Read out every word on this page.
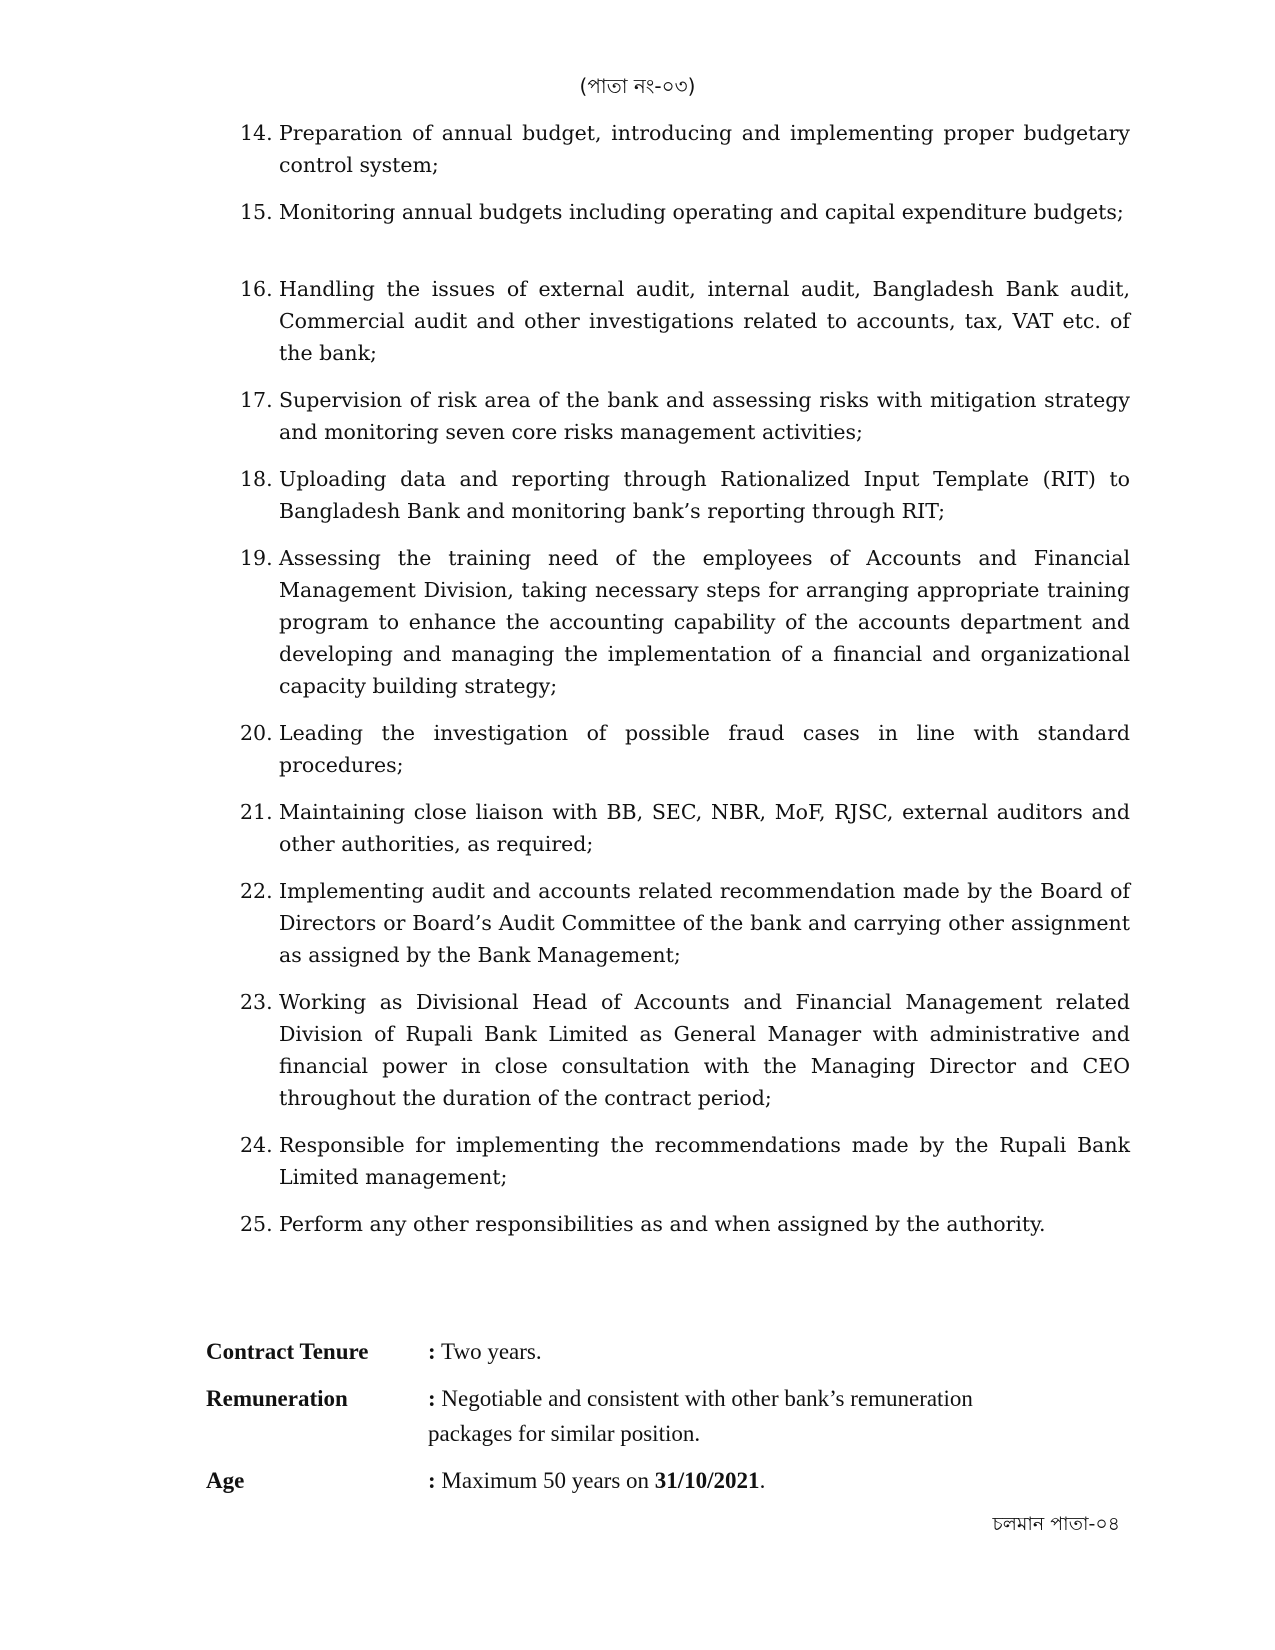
(পাতা নং-০৩)
14. Preparation of annual budget, introducing and implementing proper budgetary control system;
15. Monitoring annual budgets including operating and capital expenditure budgets;
16. Handling the issues of external audit, internal audit, Bangladesh Bank audit, Commercial audit and other investigations related to accounts, tax, VAT etc. of the bank;
17. Supervision of risk area of the bank and assessing risks with mitigation strategy and monitoring seven core risks management activities;
18. Uploading data and reporting through Rationalized Input Template (RIT) to Bangladesh Bank and monitoring bank’s reporting through RIT;
19. Assessing the training need of the employees of Accounts and Financial Management Division, taking necessary steps for arranging appropriate training program to enhance the accounting capability of the accounts department and developing and managing the implementation of a financial and organizational capacity building strategy;
20. Leading the investigation of possible fraud cases in line with standard procedures;
21. Maintaining close liaison with BB, SEC, NBR, MoF, RJSC, external auditors and other authorities, as required;
22. Implementing audit and accounts related recommendation made by the Board of Directors or Board’s Audit Committee of the bank and carrying other assignment as assigned by the Bank Management;
23. Working as Divisional Head of Accounts and Financial Management related Division of Rupali Bank Limited as General Manager with administrative and financial power in close consultation with the Managing Director and CEO throughout the duration of the contract period;
24. Responsible for implementing the recommendations made by the Rupali Bank Limited management;
25. Perform any other responsibilities as and when assigned by the authority.
Contract Tenure	: Two years.
Remuneration	: Negotiable and consistent with other bank’s remuneration packages for similar position.
Age	: Maximum 50 years on 31/10/2021.
চলমান পাতা-০৪
